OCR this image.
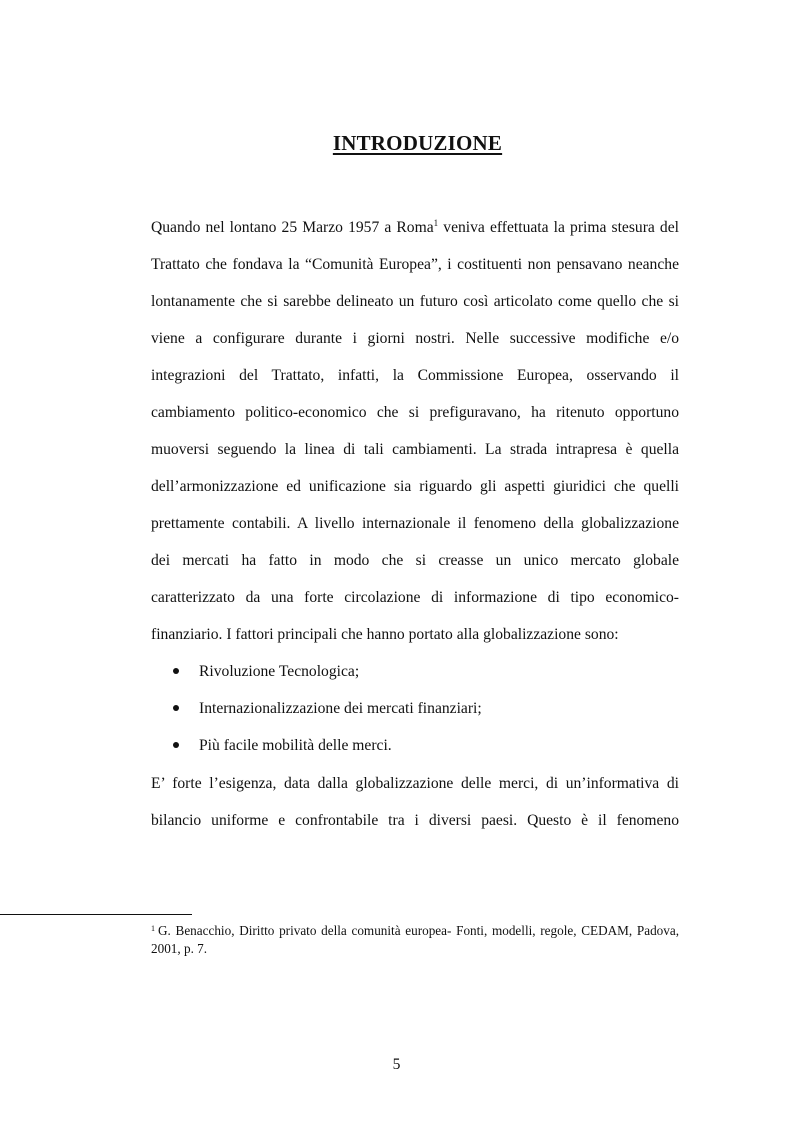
INTRODUZIONE
Quando nel lontano 25 Marzo 1957 a Roma$^1$ veniva effettuata la prima stesura del
Trattato che fondava la “Comunità Europea”, i costituenti non pensavano neanche
lontanamente che si sarebbe delineato un futuro così articolato come quello che si
viene a configurare durante i giorni nostri. Nelle successive modifiche e/o
integrazioni del Trattato, infatti, la Commissione Europea, osservando il
cambiamento politico-economico che si prefiguravano, ha ritenuto opportuno
muoversi seguendo la linea di tali cambiamenti. La strada intrapresa è quella
dell’armonizzazione ed unificazione sia riguardo gli aspetti giuridici che quelli
prettamente contabili. A livello internazionale il fenomeno della globalizzazione
dei mercati ha fatto in modo che si creasse un unico mercato globale
caratterizzato da una forte circolazione di informazione di tipo economico-
finanziario. I fattori principali che hanno portato alla globalizzazione sono:
Rivoluzione Tecnologica;
Internazionalizzazione dei mercati finanziari;
Più facile mobilità delle merci.
E’ forte l’esigenza, data dalla globalizzazione delle merci, di un’informativa di
bilancio uniforme e confrontabile tra i diversi paesi. Questo è il fenomeno
$^1$ G. Benacchio, Diritto privato della comunità europea- Fonti, modelli, regole, CEDAM, Padova,
2001, p. 7.
5
